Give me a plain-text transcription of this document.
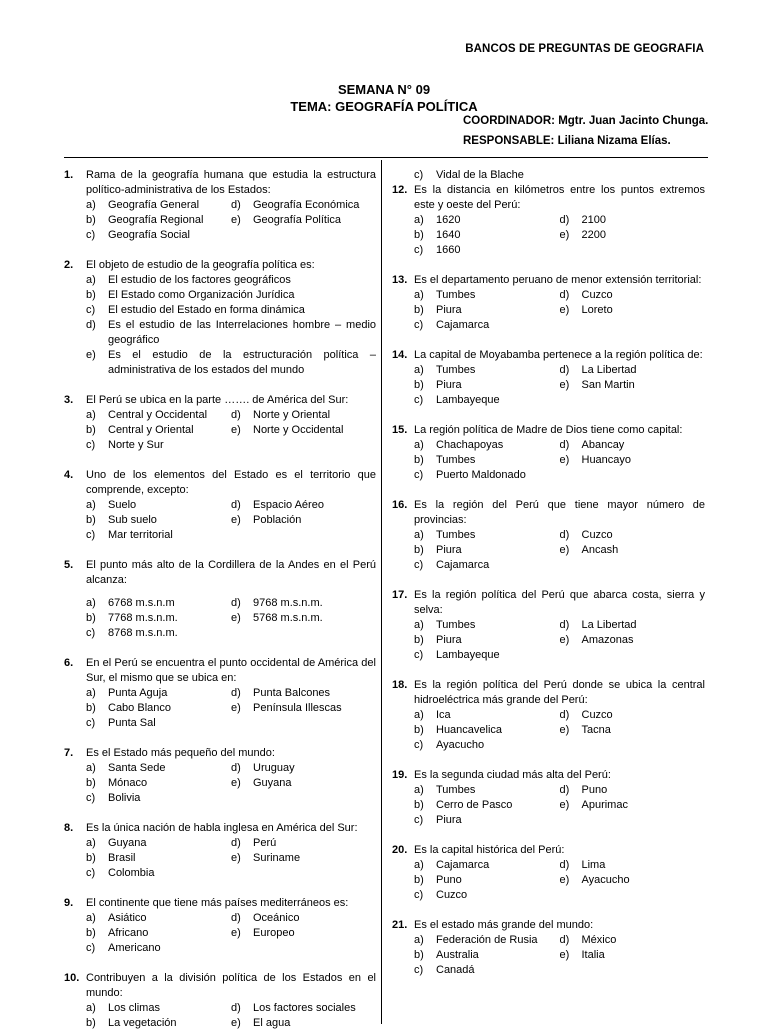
BANCOS DE PREGUNTAS DE GEOGRAFIA
SEMANA N° 09
TEMA: GEOGRAFÍA POLÍTICA
COORDINADOR: Mgtr. Juan Jacinto Chunga.
RESPONSABLE: Liliana Nizama Elías.
1.	Rama de la geografía humana que estudia la estructura político-administrativa de los Estados:
a)	Geografía General	d)	Geografía Económica
b)	Geografía Regional	e)	Geografía Política
c)	Geografía Social
2.	El objeto de estudio de la geografía política es:
a)	El estudio de los factores geográficos
b)	El Estado como Organización Jurídica
c)	El estudio del Estado en forma dinámica
d)	Es el estudio de las Interrelaciones hombre – medio geográfico
e)	Es el estudio de la estructuración política – administrativa de los estados del mundo
3.	El Perú se ubica en la parte ……. de América del Sur:
a)	Central y Occidental	d)	Norte y Oriental
b)	Central y Oriental	e)	Norte y Occidental
c)	Norte y Sur
4.	Uno de los elementos del Estado es el territorio que comprende, excepto:
a)	Suelo	d)	Espacio Aéreo
b)	Sub suelo	e)	Población
c)	Mar territorial
5.	El punto más alto de la Cordillera de la Andes en el Perú alcanza:
a)	6768 m.s.n.m	d)	9768 m.s.n.m.
b)	7768 m.s.n.m.	e)	5768 m.s.n.m.
c)	8768 m.s.n.m.
6.	En el Perú se encuentra el punto occidental de América del Sur, el mismo que se ubica en:
a)	Punta Aguja	d)	Punta Balcones
b)	Cabo Blanco	e)	Península Illescas
c)	Punta Sal
7.	Es el Estado más pequeño del mundo:
a)	Santa Sede	d)	Uruguay
b)	Mónaco	e)	Guyana
c)	Bolivia
8.	Es la única nación de habla inglesa en América del Sur:
a)	Guyana	d)	Perú
b)	Brasil	e)	Suriname
c)	Colombia
9.	El continente que tiene más países mediterráneos es:
a)	Asiático	d)	Oceánico
b)	Africano	e)	Europeo
c)	Americano
10. Contribuyen a la división política de los Estados en el mundo:
a)	Los climas	d)	Los factores sociales
b)	La vegetación	e)	El agua
c)	Vidal de la Blache
12. Es la distancia en kilómetros entre los puntos extremos este y oeste del Perú:
a)	1620	d)	2100
b)	1640	e)	2200
c)	1660
13. Es el departamento peruano de menor extensión territorial:
a)	Tumbes	d)	Cuzco
b)	Piura	e)	Loreto
c)	Cajamarca
14. La capital de Moyabamba pertenece a la región política de:
a)	Tumbes	d)	La Libertad
b)	Piura	e)	San Martin
c)	Lambayeque
15. La región política de Madre de Dios tiene como capital:
a)	Chachapoyas	d)	Abancay
b)	Tumbes	e)	Huancayo
c)	Puerto Maldonado
16. Es la región del Perú que tiene mayor número de provincias:
a)	Tumbes	d)	Cuzco
b)	Piura	e)	Ancash
c)	Cajamarca
17. Es la región política del Perú que abarca costa, sierra y selva:
a)	Tumbes	d)	La Libertad
b)	Piura	e)	Amazonas
c)	Lambayeque
18. Es la región política del Perú donde se ubica la central hidroeléctrica más grande del Perú:
a)	Ica	d)	Cuzco
b)	Huancavelica	e)	Tacna
c)	Ayacucho
19. Es la segunda ciudad más alta del Perú:
a)	Tumbes	d)	Puno
b)	Cerro de Pasco	e)	Apurimac
c)	Piura
20. Es la capital histórica del Perú:
a)	Cajamarca	d)	Lima
b)	Puno	e)	Ayacucho
c)	Cuzco
21. Es el estado más grande del mundo:
a)	Federación de Rusia	d)	México
b)	Australia	e)	Italia
c)	Canadá
